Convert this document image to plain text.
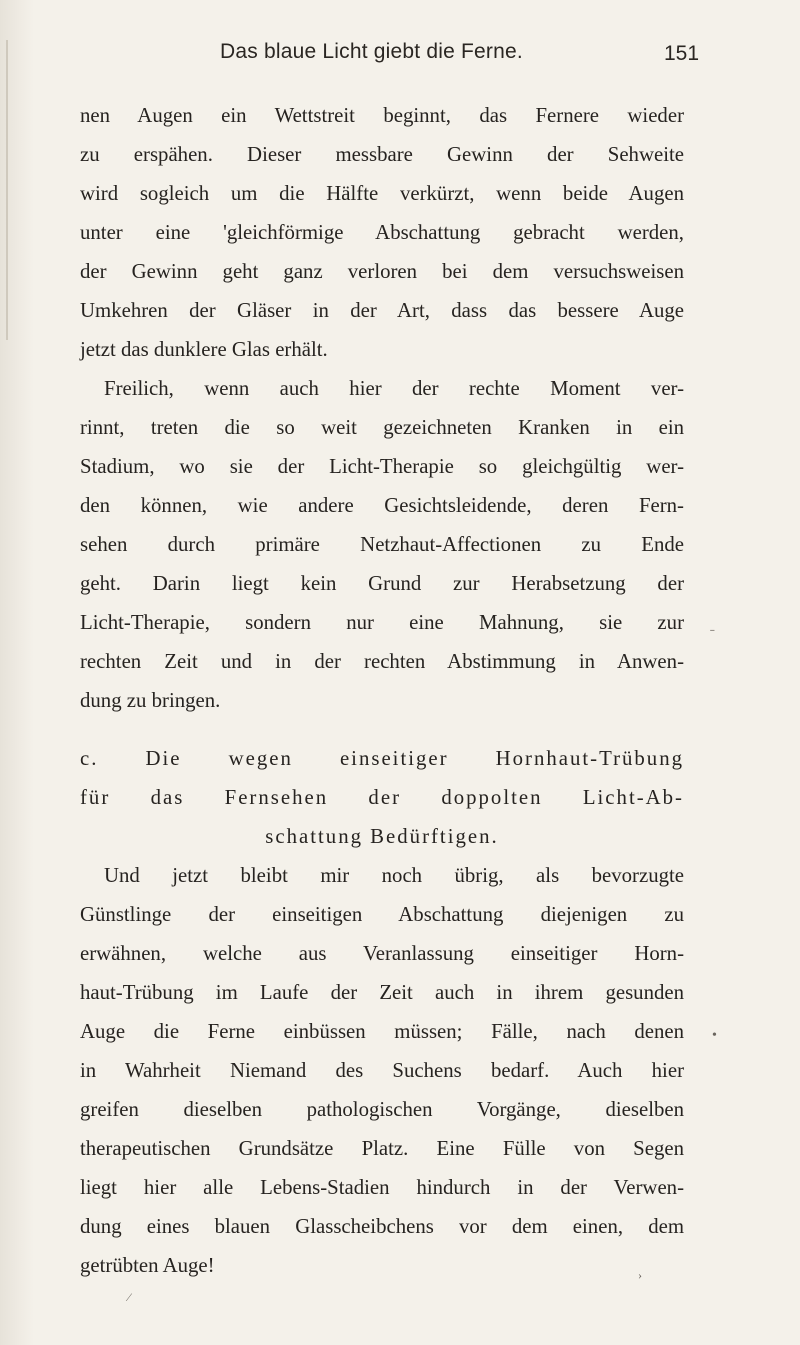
Das blaue Licht giebt die Ferne.	151
nen Augen ein Wettstreit beginnt, das Fernere wieder
zu erspähen. Dieser messbare Gewinn der Sehweite
wird sogleich um die Hälfte verkürzt, wenn beide Augen
unter eine 'gleichförmige Abschattung gebracht werden,
der Gewinn geht ganz verloren bei dem versuchsweisen
Umkehren der Gläser in der Art, dass das bessere Auge
jetzt das dunklere Glas erhält.
Freilich, wenn auch hier der rechte Moment ver-
rinnt, treten die so weit gezeichneten Kranken in ein
Stadium, wo sie der Licht-Therapie so gleichgültig wer-
den können, wie andere Gesichtsleidende, deren Fern-
sehen durch primäre Netzhaut-Affectionen zu Ende
geht. Darin liegt kein Grund zur Herabsetzung der
Licht-Therapie, sondern nur eine Mahnung, sie zur
rechten Zeit und in der rechten Abstimmung in Anwen-
dung zu bringen.
c. Die wegen einseitiger Hornhaut-Trübung
für das Fernsehen der doppolten Licht-Ab-
schattung Bedürftigen.
Und jetzt bleibt mir noch übrig, als bevorzugte
Günstlinge der einseitigen Abschattung diejenigen zu
erwähnen, welche aus Veranlassung einseitiger Horn-
haut-Trübung im Laufe der Zeit auch in ihrem gesunden
Auge die Ferne einbüssen müssen; Fälle, nach denen
in Wahrheit Niemand des Suchens bedarf. Auch hier
greifen dieselben pathologischen Vorgänge, dieselben
therapeutischen Grundsätze Platz. Eine Fülle von Segen
liegt hier alle Lebens-Stadien hindurch in der Verwen-
dung eines blauen Glasscheibchens vor dem einen, dem
getrübten Auge!
˗
•
›
⁄
